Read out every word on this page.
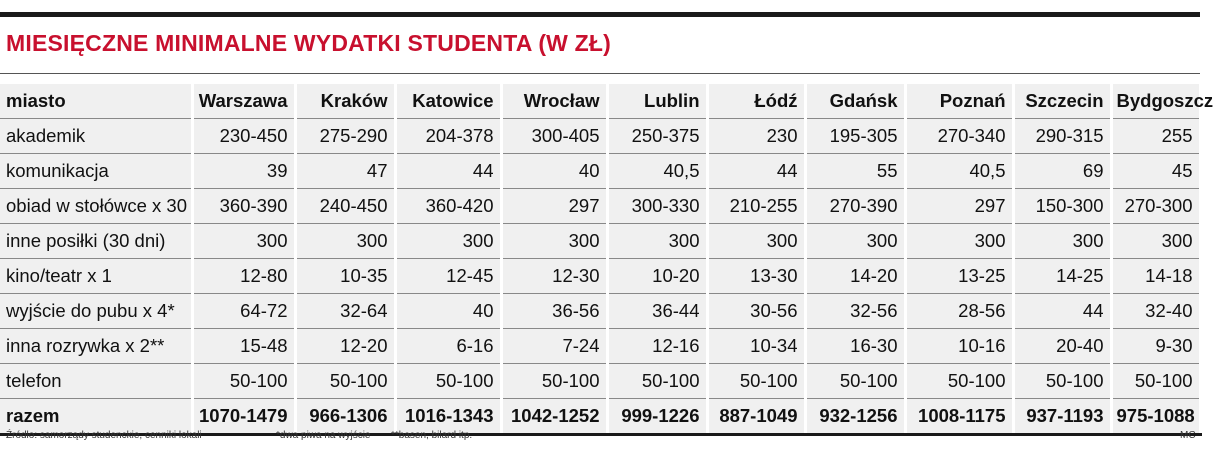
MIESIĘCZNE MINIMALNE WYDATKI STUDENTA (W ZŁ)
miasto	Warszawa	Kraków	Katowice	Wrocław	Lublin	Łódź	Gdańsk	Poznań	Szczecin	Bydgoszcz
akademik	230-450	275-290	204-378	300-405	250-375	230	195-305	270-340	290-315	255
komunikacja	39	47	44	40	40,5	44	55	40,5	69	45
obiad w stołówce x 30	360-390	240-450	360-420	297	300-330	210-255	270-390	297	150-300	270-300
inne posiłki (30 dni)	300	300	300	300	300	300	300	300	300	300
kino/teatr x 1	12-80	10-35	12-45	12-30	10-20	13-30	14-20	13-25	14-25	14-18
wyjście do pubu x 4*	64-72	32-64	40	36-56	36-44	30-56	32-56	28-56	44	32-40
inna rozrywka x 2**	15-48	12-20	6-16	7-24	12-16	10-34	16-30	10-16	20-40	9-30
telefon	50-100	50-100	50-100	50-100	50-100	50-100	50-100	50-100	50-100	50-100
razem	1070-1479	966-1306	1016-1343	1042-1252	999-1226	887-1049	932-1256	1008-1175	937-1193	975-1088
Źródło: samorządy studenckie, cenniki lokali	*dwa piwa na wyjście **basen, bilard itp.	MC
